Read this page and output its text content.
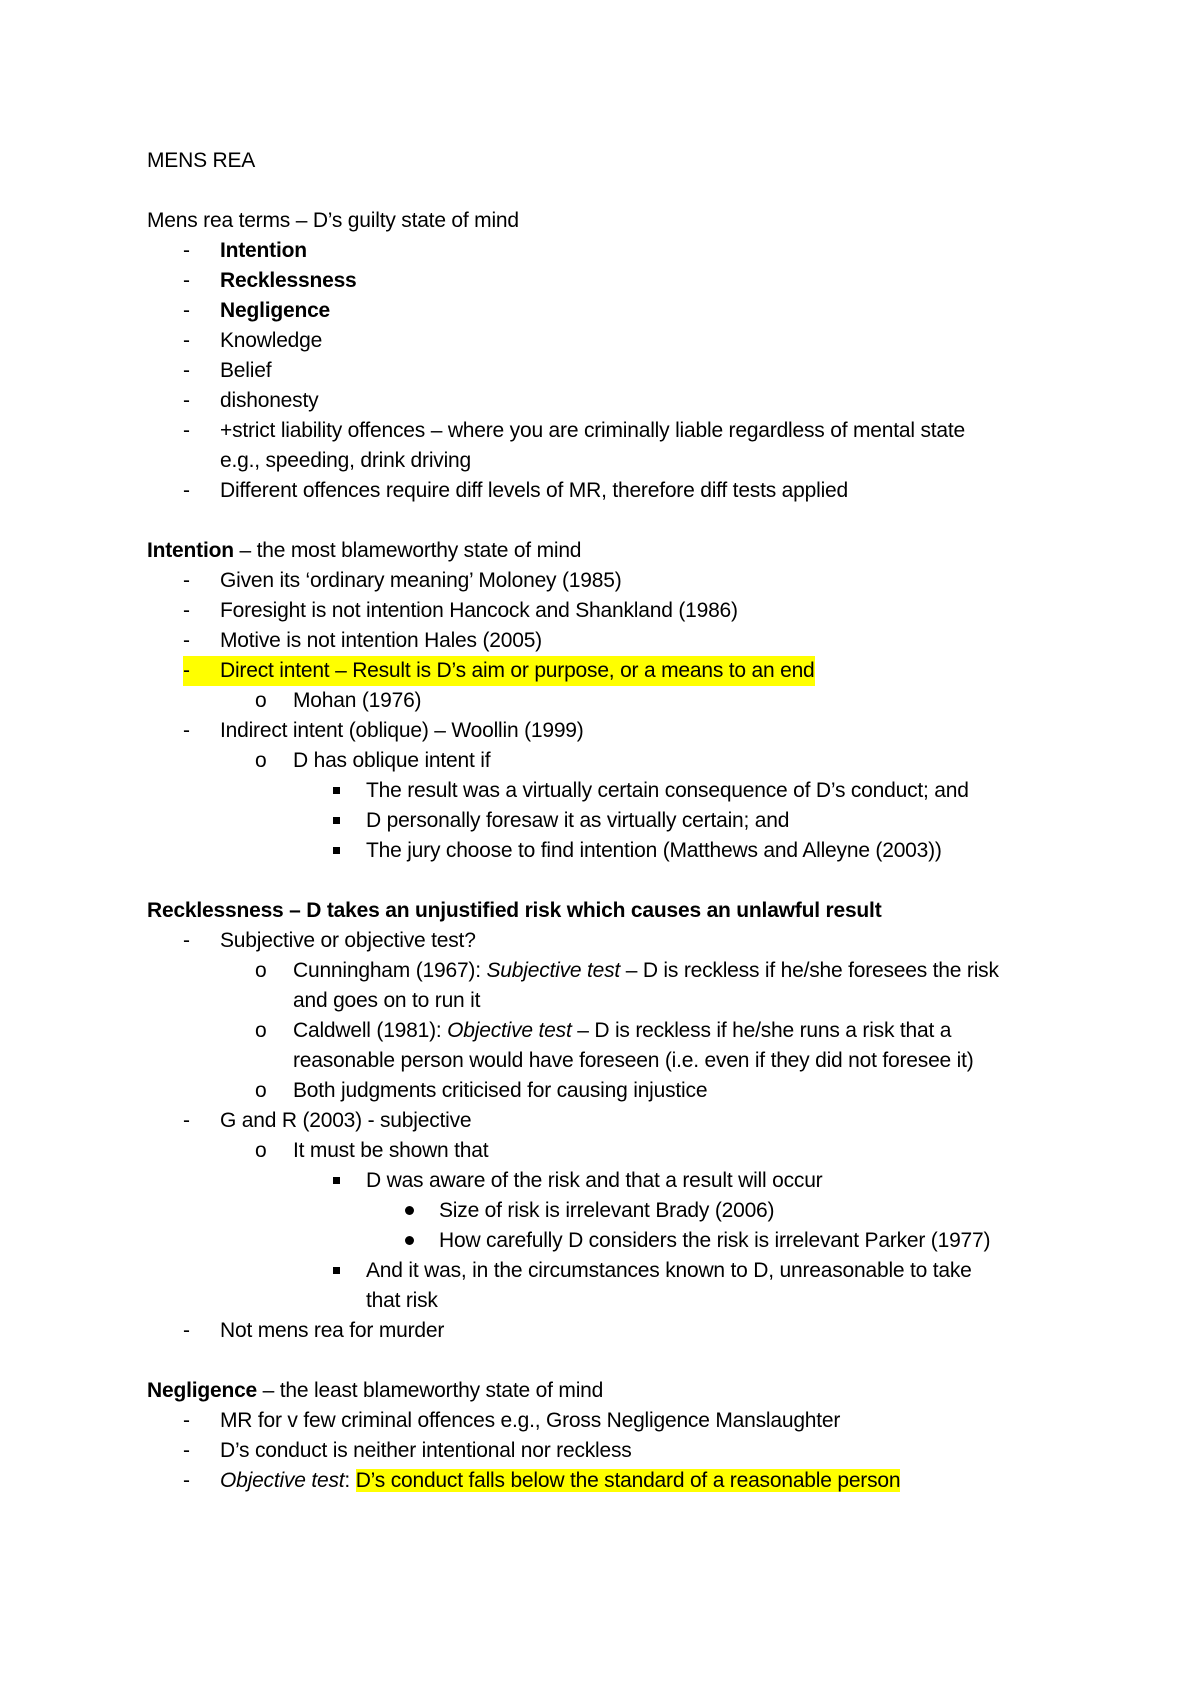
MENS REA
Mens rea terms – D’s guilty state of mind
- Intention
- Recklessness
- Negligence
- Knowledge
- Belief
- dishonesty
- +strict liability offences – where you are criminally liable regardless of mental state
e.g., speeding, drink driving
- Different offences require diff levels of MR, therefore diff tests applied
Intention – the most blameworthy state of mind
- Given its ‘ordinary meaning’ Moloney (1985)
- Foresight is not intention Hancock and Shankland (1986)
- Motive is not intention Hales (2005)
- Direct intent – Result is D’s aim or purpose, or a means to an end
o Mohan (1976)
- Indirect intent (oblique) – Woollin (1999)
o D has oblique intent if
The result was a virtually certain consequence of D’s conduct; and
D personally foresaw it as virtually certain; and
The jury choose to find intention (Matthews and Alleyne (2003))
Recklessness – D takes an unjustified risk which causes an unlawful result
- Subjective or objective test?
o Cunningham (1967): Subjective test – D is reckless if he/she foresees the risk
and goes on to run it
o Caldwell (1981): Objective test – D is reckless if he/she runs a risk that a
reasonable person would have foreseen (i.e. even if they did not foresee it)
o Both judgments criticised for causing injustice
- G and R (2003) - subjective
o It must be shown that
D was aware of the risk and that a result will occur
Size of risk is irrelevant Brady (2006)
How carefully D considers the risk is irrelevant Parker (1977)
And it was, in the circumstances known to D, unreasonable to take
that risk
- Not mens rea for murder
Negligence – the least blameworthy state of mind
- MR for v few criminal offences e.g., Gross Negligence Manslaughter
- D’s conduct is neither intentional nor reckless
- Objective test: D’s conduct falls below the standard of a reasonable person
